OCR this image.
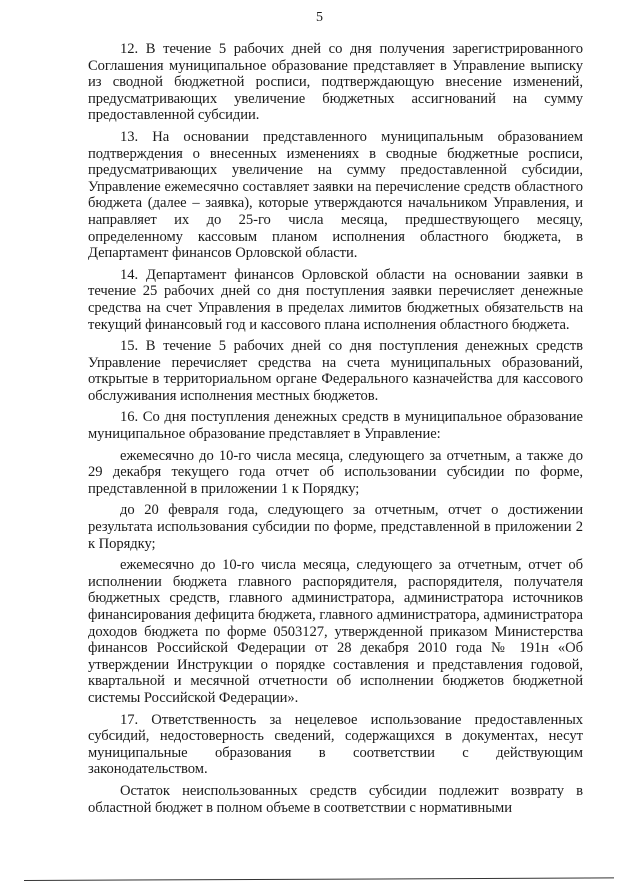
5

12. В течение 5 рабочих дней со дня получения зарегистрированного Соглашения муниципальное образование представляет в Управление выписку из сводной бюджетной росписи, подтверждающую внесение изменений, предусматривающих увеличение бюджетных ассигнований на сумму предоставленной субсидии.

13. На основании представленного муниципальным образованием подтверждения о внесенных изменениях в сводные бюджетные росписи, предусматривающих увеличение на сумму предоставленной субсидии, Управление ежемесячно составляет заявки на перечисление средств областного бюджета (далее – заявка), которые утверждаются начальником Управления, и направляет их до 25-го числа месяца, предшествующего месяцу, определенному кассовым планом исполнения областного бюджета, в Департамент финансов Орловской области.

14. Департамент финансов Орловской области на основании заявки в течение 25 рабочих дней со дня поступления заявки перечисляет денежные средства на счет Управления в пределах лимитов бюджетных обязательств на текущий финансовый год и кассового плана исполнения областного бюджета.

15. В течение 5 рабочих дней со дня поступления денежных средств Управление перечисляет средства на счета муниципальных образований, открытые в территориальном органе Федерального казначейства для кассового обслуживания исполнения местных бюджетов.

16. Со дня поступления денежных средств в муниципальное образование муниципальное образование представляет в Управление:

ежемесячно до 10-го числа месяца, следующего за отчетным, а также до 29 декабря текущего года отчет об использовании субсидии по форме, представленной в приложении 1 к Порядку;

до 20 февраля года, следующего за отчетным, отчет о достижении результата использования субсидии по форме, представленной в приложении 2 к Порядку;

ежемесячно до 10-го числа месяца, следующего за отчетным, отчет об исполнении бюджета главного распорядителя, распорядителя, получателя бюджетных средств, главного администратора, администратора источников финансирования дефицита бюджета, главного администратора, администратора доходов бюджета по форме 0503127, утвержденной приказом Министерства финансов Российской Федерации от 28 декабря 2010 года № 191н «Об утверждении Инструкции о порядке составления и представления годовой, квартальной и месячной отчетности об исполнении бюджетов бюджетной системы Российской Федерации».

17. Ответственность за нецелевое использование предоставленных субсидий, недостоверность сведений, содержащихся в документах, несут муниципальные образования в соответствии с действующим законодательством.

Остаток неиспользованных средств субсидии подлежит возврату в областной бюджет в полном объеме в соответствии с нормативными
